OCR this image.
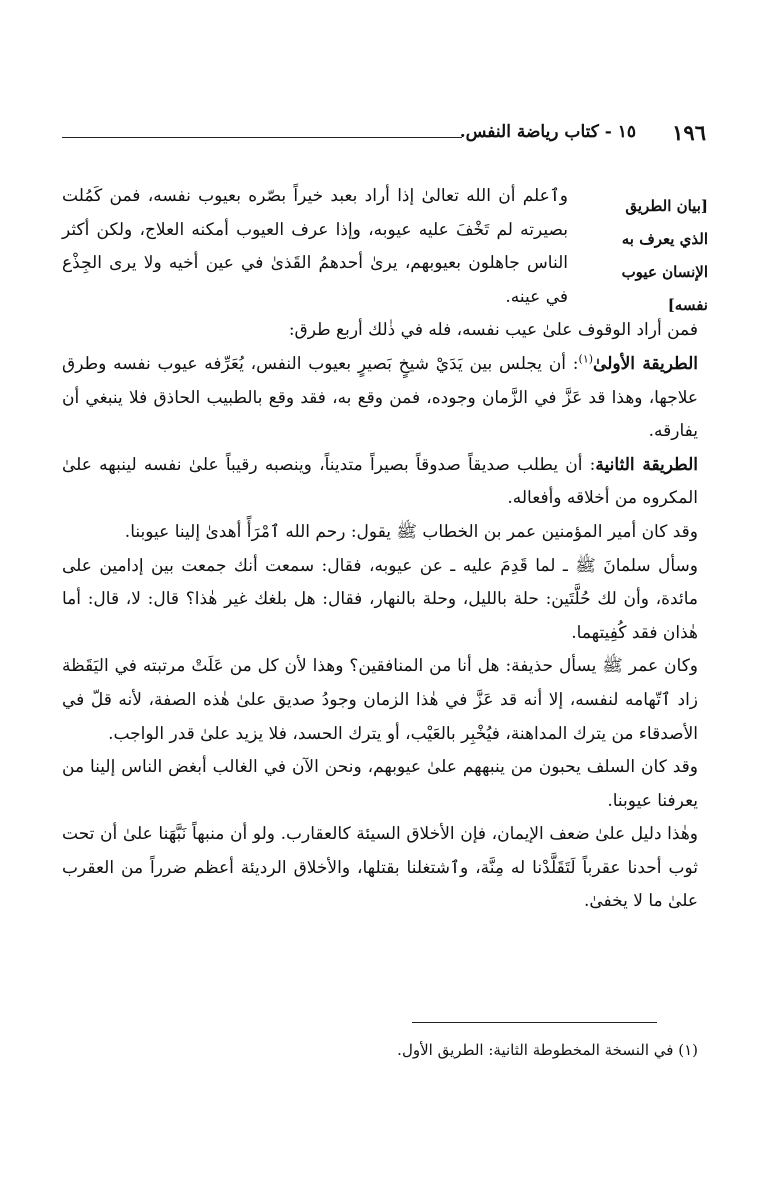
١٩٦
١٥ - كتاب رياضة النفس.
[بيان الطريق الذي يعرف به الإنسان عيوب نفسه]

وٱعلم أن الله تعالىٰ إذا أراد بعبد خيراً بصّره بعيوب نفسه، فمن كَمُلت بصيرته لم تَخْفَ عليه عيوبه، وإذا عرف العيوب أمكنه العلاج، ولكن أكثر الناس جاهلون بعيوبهم، يرىٰ أحدهمُ القَذىٰ في عين أخيه ولا يرى الجِذْع في عينه.

فمن أراد الوقوف علىٰ عيب نفسه، فله في ذٰلك أربع طرق:

الطريقة الأولىٰ$^{(١)}$: أن يجلس بين يَدَيْ شيخٍ بَصيرٍ بعيوب النفس، يُعَرِّفه عيوب نفسه وطرق علاجها، وهذا قد عَزَّ في الزَّمان وجوده، فمن وقع به، فقد وقع بالطبيب الحاذق فلا ينبغي أن يفارقه.

الطريقة الثانية: أن يطلب صديقاً صدوقاً بصيراً متديناً، وينصبه رقيباً علىٰ نفسه لينبهه علىٰ المكروه من أخلاقه وأفعاله.

وقد كان أمير المؤمنين عمر بن الخطاب ﷺ يقول: رحم الله ٱمْرَأً أهدىٰ إلينا عيوبنا.

وسأل سلمانَ ﷺ ـ لما قَدِمَ عليه ـ عن عيوبه، فقال: سمعت أنك جمعت بين إدامين على مائدة، وأن لك حُلَّتَين: حلة بالليل، وحلة بالنهار، فقال: هل بلغك غير هٰذا؟ قال: لا، قال: أما هٰذان فقد كُفِيتهما.

وكان عمر ﷺ يسأل حذيفة: هل أنا من المنافقين؟ وهذا لأن كل من عَلَتْ مرتبته في اليَقَظة زاد ٱتّهامه لنفسه، إلا أنه قد عَزَّ في هٰذا الزمان وجودُ صديق علىٰ هٰذه الصفة، لأنه قلّ في الأصدقاء من يترك المداهنة، فيُخْبِر بالعَيْب، أو يترك الحسد، فلا يزيد علىٰ قدر الواجب.

وقد كان السلف يحبون من ينبههم علىٰ عيوبهم، ونحن الآن في الغالب أبغض الناس إلينا من يعرفنا عيوبنا.

وهٰذا دليل علىٰ ضعف الإيمان، فإن الأخلاق السيئة كالعقارب. ولو أن منبهاً نَبَّهَنا علىٰ أن تحت ثوب أحدنا عقرباً لَتَقَلَّدْنا له مِنَّة، وٱشتغلنا بقتلها، والأخلاق الرديئة أعظم ضرراً من العقرب علىٰ ما لا يخفىٰ.

(١) في النسخة المخطوطة الثانية: الطريق الأول.
